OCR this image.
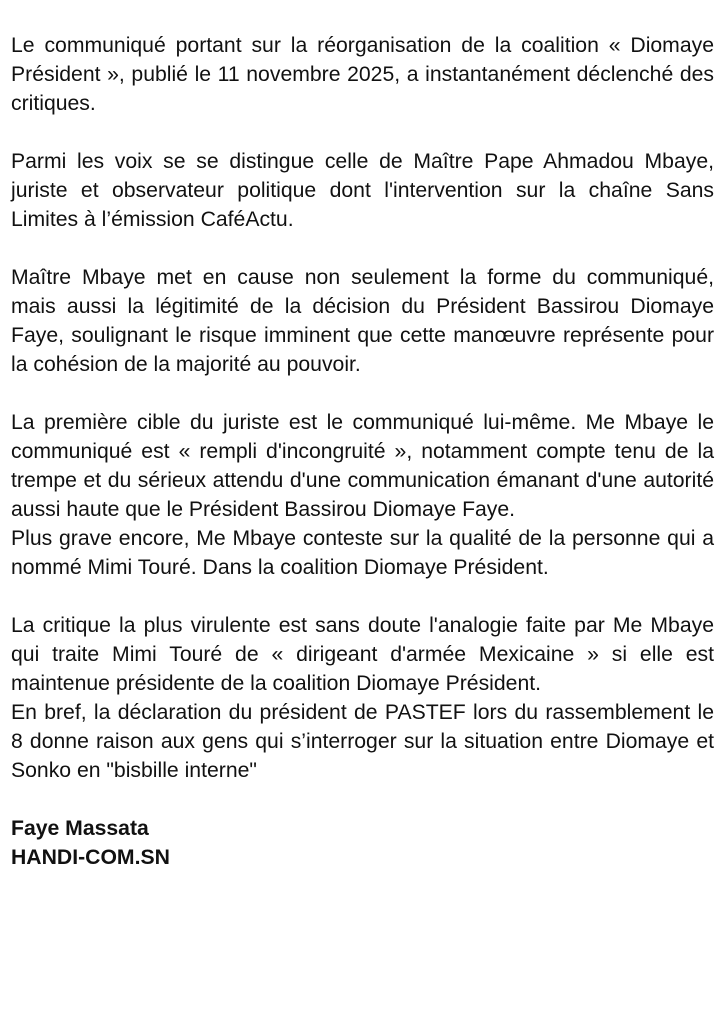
Le communiqué portant sur la réorganisation de la coalition « Diomaye Président », publié le 11 novembre 2025, a instantanément déclenché des critiques.

Parmi les voix se se distingue celle de Maître Pape Ahmadou Mbaye, juriste et observateur politique dont l'intervention sur la chaîne Sans Limites à l’émission CaféActu.

Maître Mbaye met en cause non seulement la forme du communiqué, mais aussi la légitimité de la décision du Président Bassirou Diomaye Faye, soulignant le risque imminent que cette manœuvre représente pour la cohésion de la majorité au pouvoir.

La première cible du juriste est le communiqué lui-même. Me Mbaye le communiqué est « rempli d'incongruité », notamment compte tenu de la trempe et du sérieux attendu d'une communication émanant d'une autorité aussi haute que le Président Bassirou Diomaye Faye.

Plus grave encore, Me Mbaye conteste sur la qualité de la personne qui a nommé Mimi Touré. Dans la coalition Diomaye Président.

La critique la plus virulente est sans doute l'analogie faite par Me Mbaye qui traite Mimi Touré de « dirigeant d'armée Mexicaine » si elle est maintenue présidente de la coalition Diomaye Président.

En bref, la déclaration du président de PASTEF lors du rassemblement le 8 donne raison aux gens qui s’interroger sur la situation entre Diomaye et Sonko en "bisbille interne"

Faye Massata
HANDI-COM.SN
